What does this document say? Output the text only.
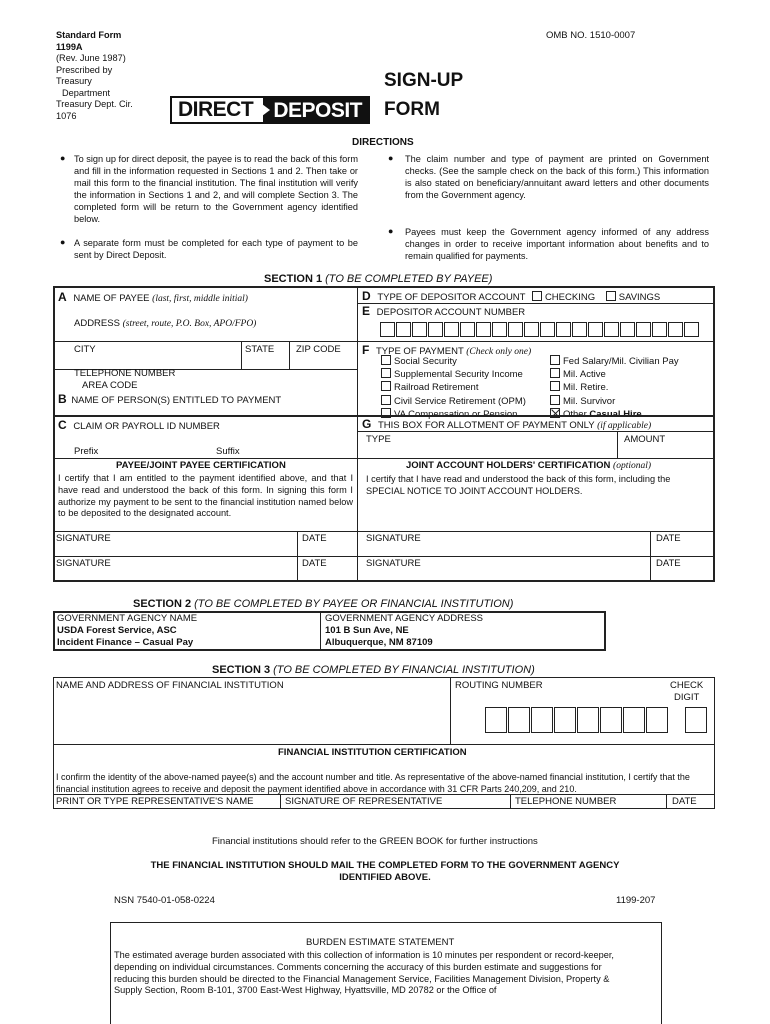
Standard Form
1199A
(Rev. June 1987)
Prescribed by
Treasury
Department
Treasury Dept. Cir.
1076
OMB NO. 1510-0007
DIRECT DEPOSIT
SIGN-UP
FORM
DIRECTIONS
● To sign up for direct deposit, the payee is to read the back of this form and fill in the information requested in Sections 1 and 2. Then take or mail this form to the financial institution. The final institution will verify the information in Sections 1 and 2, and will complete Section 3. The completed form will be return to the Government agency identified below.

● A separate form must be completed for each type of payment to be sent by Direct Deposit.

● The claim number and type of payment are printed on Government checks. (See the sample check on the back of this form.) This information is also stated on beneficiary/annuitant award letters and other documents from the Government agency.

● Payees must keep the Government agency informed of any address changes in order to receive important information about benefits and to remain qualified for payments.

SECTION 1 (TO BE COMPLETED BY PAYEE)
A NAME OF PAYEE (last, first, middle initial)
ADDRESS (street, route, P.O. Box, APO/FPO)
CITY	STATE ZIP CODE
TELEPHONE NUMBER
AREA CODE
B NAME OF PERSON(S) ENTITLED TO PAYMENT
C CLAIM OR PAYROLL ID NUMBER
Prefix	Suffix
D TYPE OF DEPOSITOR ACCOUNT CHECKING SAVINGS
E DEPOSITOR ACCOUNT NUMBER
F TYPE OF PAYMENT (Check only one)
Social Security
Supplemental Security Income
Railroad Retirement
Civil Service Retirement (OPM)
VA Compensation or Pension
Fed Salary/Mil. Civilian Pay
Mil. Active
Mil. Retire.
Mil. Survivor
Other Casual Hire
G THIS BOX FOR ALLOTMENT OF PAYMENT ONLY (if applicable)
TYPE	AMOUNT
PAYEE/JOINT PAYEE CERTIFICATION

I certify that I am entitled to the payment identified above, and that I have read and understood the back of this form. In signing this form I authorize my payment to be sent to the financial institution named below to be deposited to the designated account.

JOINT ACCOUNT HOLDERS' CERTIFICATION (optional)

I certify that I have read and understood the back of this form, including the SPECIAL NOTICE TO JOINT ACCOUNT HOLDERS.

SIGNATURE	DATE	SIGNATURE	DATE
SIGNATURE	DATE	SIGNATURE	DATE
SECTION 2 (TO BE COMPLETED BY PAYEE OR FINANCIAL INSTITUTION)
GOVERNMENT AGENCY NAME
USDA Forest Service, ASC
Incident Finance – Casual Pay
GOVERNMENT AGENCY ADDRESS
101 B Sun Ave, NE
Albuquerque, NM 87109
SECTION 3 (TO BE COMPLETED BY FINANCIAL INSTITUTION)
NAME AND ADDRESS OF FINANCIAL INSTITUTION	ROUTING NUMBER	CHECK
DIGIT
FINANCIAL INSTITUTION CERTIFICATION

I confirm the identity of the above-named payee(s) and the account number and title. As representative of the above-named financial institution, I certify that the financial institution agrees to receive and deposit the payment identified above in accordance with 31 CFR Parts 240,209, and 210.

PRINT OR TYPE REPRESENTATIVE'S NAME	SIGNATURE OF REPRESENTATIVE	TELEPHONE NUMBER	DATE
Financial institutions should refer to the GREEN BOOK for further instructions
THE FINANCIAL INSTITUTION SHOULD MAIL THE COMPLETED FORM TO THE GOVERNMENT AGENCY
IDENTIFIED ABOVE.
NSN 7540-01-058-0224	1199-207
BURDEN ESTIMATE STATEMENT

The estimated average burden associated with this collection of information is 10 minutes per respondent or record-keeper, depending on individual circumstances. Comments concerning the accuracy of this burden estimate and suggestions for reducing this burden should be directed to the Financial Management Service, Facilities Management Division, Property & Supply Section, Room B-101, 3700 East-West Highway, Hyattsville, MD 20782 or the Office of
